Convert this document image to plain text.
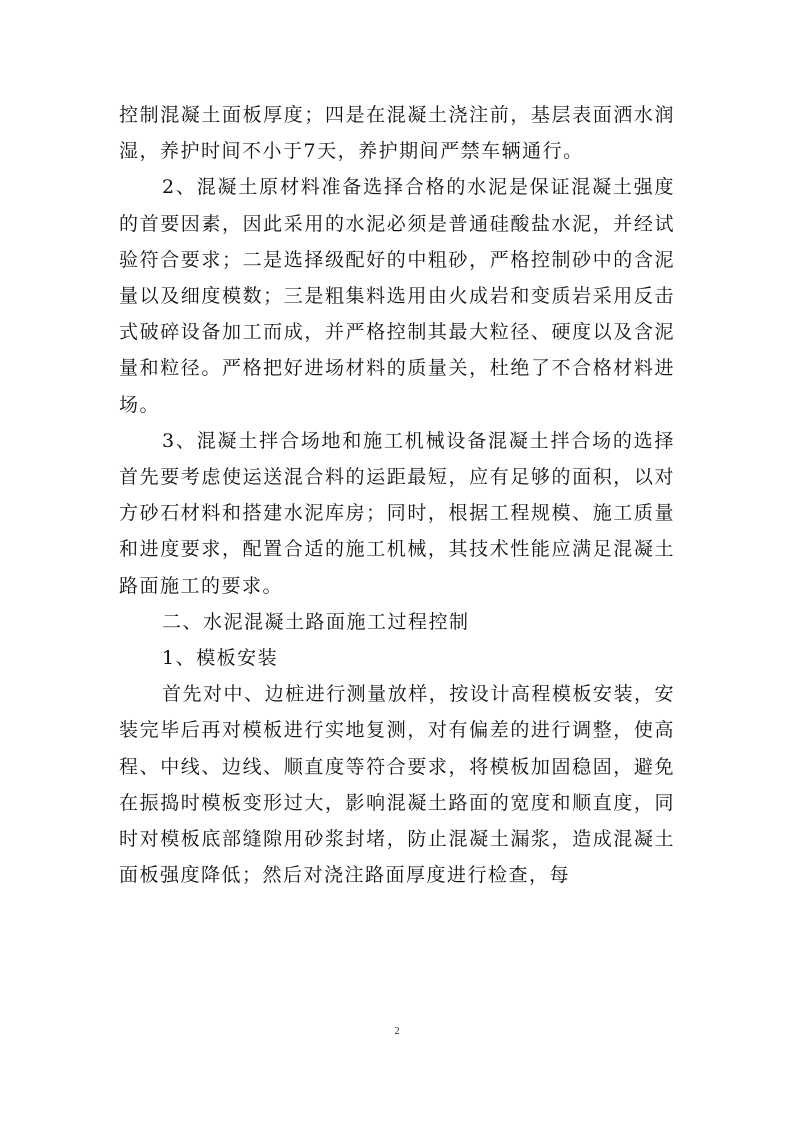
控制混凝土面板厚度；四是在混凝土浇注前，基层表面洒水润湿，养护时间不小于7天，养护期间严禁车辆通行。

2、混凝土原材料准备选择合格的水泥是保证混凝土强度的首要因素，因此采用的水泥必须是普通硅酸盐水泥，并经试验符合要求；二是选择级配好的中粗砂，严格控制砂中的含泥量以及细度模数；三是粗集料选用由火成岩和变质岩采用反击式破碎设备加工而成，并严格控制其最大粒径、硬度以及含泥量和粒径。严格把好进场材料的质量关，杜绝了不合格材料进场。

3、混凝土拌合场地和施工机械设备混凝土拌合场的选择首先要考虑使运送混合料的运距最短，应有足够的面积，以对方砂石材料和搭建水泥库房；同时，根据工程规模、施工质量和进度要求，配置合适的施工机械，其技术性能应满足混凝土路面施工的要求。

二、水泥混凝土路面施工过程控制

1、模板安装

首先对中、边桩进行测量放样，按设计高程模板安装，安装完毕后再对模板进行实地复测，对有偏差的进行调整，使高程、中线、边线、顺直度等符合要求，将模板加固稳固，避免在振捣时模板变形过大，影响混凝土路面的宽度和顺直度，同时对模板底部缝隙用砂浆封堵，防止混凝土漏浆，造成混凝土面板强度降低；然后对浇注路面厚度进行检查，每

2
